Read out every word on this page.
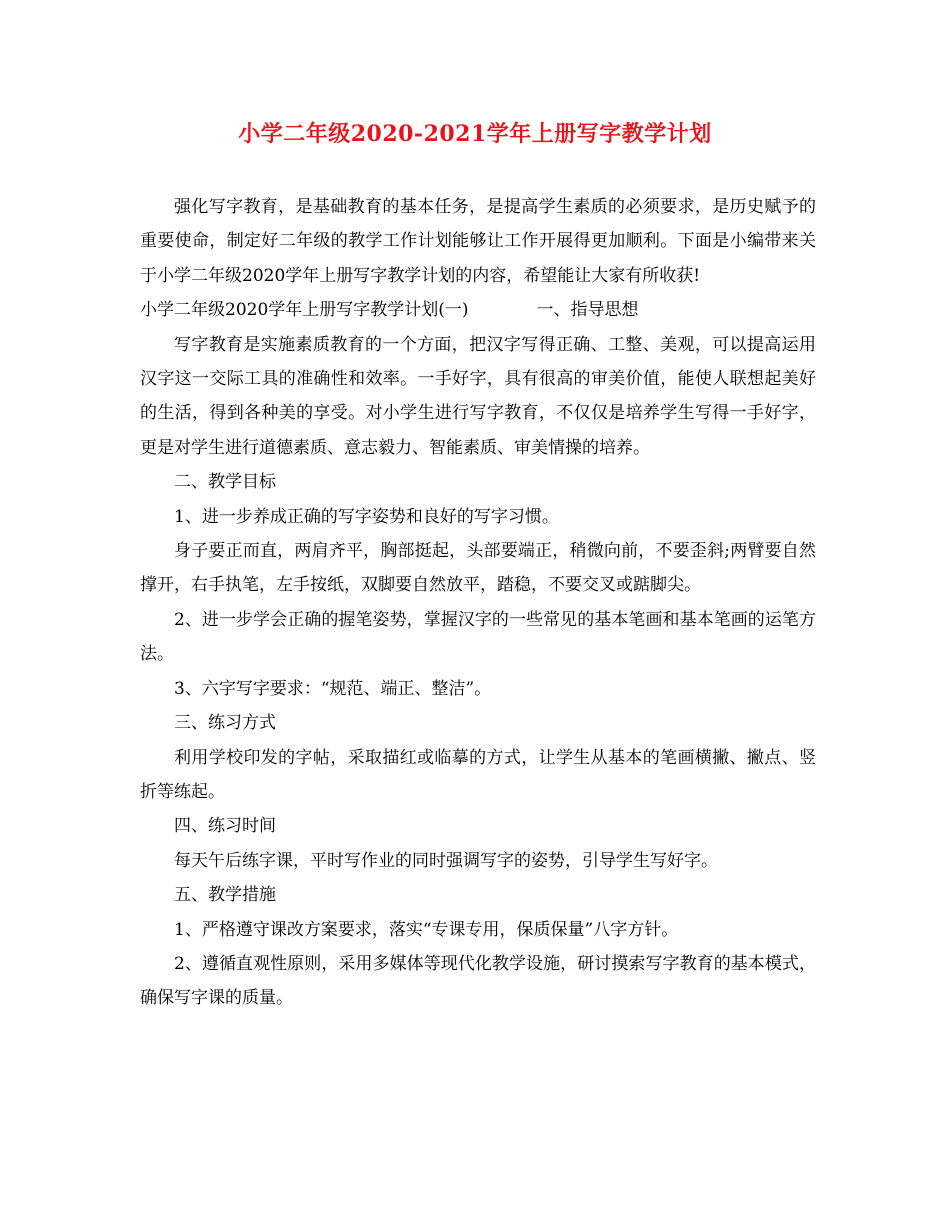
小学二年级2020-2021学年上册写字教学计划

强化写字教育，是基础教育的基本任务，是提高学生素质的必须要求，是历史赋予的重要使命，制定好二年级的教学工作计划能够让工作开展得更加顺利。下面是小编带来关于小学二年级2020学年上册写字教学计划的内容，希望能让大家有所收获!

小学二年级2020学年上册写字教学计划(一)	一、指导思想

写字教育是实施素质教育的一个方面，把汉字写得正确、工整、美观，可以提高运用汉字这一交际工具的准确性和效率。一手好字，具有很高的审美价值，能使人联想起美好的生活，得到各种美的享受。对小学生进行写字教育，不仅仅是培养学生写得一手好字，更是对学生进行道德素质、意志毅力、智能素质、审美情操的培养。

二、教学目标

1、进一步养成正确的写字姿势和良好的写字习惯。

身子要正而直，两肩齐平，胸部挺起，头部要端正，稍微向前，不要歪斜;两臂要自然撑开，右手执笔，左手按纸，双脚要自然放平，踏稳，不要交叉或踮脚尖。

2、进一步学会正确的握笔姿势，掌握汉字的一些常见的基本笔画和基本笔画的运笔方法。

3、六字写字要求：“规范、端正、整洁”。

三、练习方式

利用学校印发的字帖，采取描红或临摹的方式，让学生从基本的笔画横撇、撇点、竖折等练起。

四、练习时间

每天午后练字课，平时写作业的同时强调写字的姿势，引导学生写好字。

五、教学措施

1、严格遵守课改方案要求，落实“专课专用，保质保量”八字方针。

2、遵循直观性原则，采用多媒体等现代化教学设施，研讨摸索写字教育的基本模式，确保写字课的质量。
